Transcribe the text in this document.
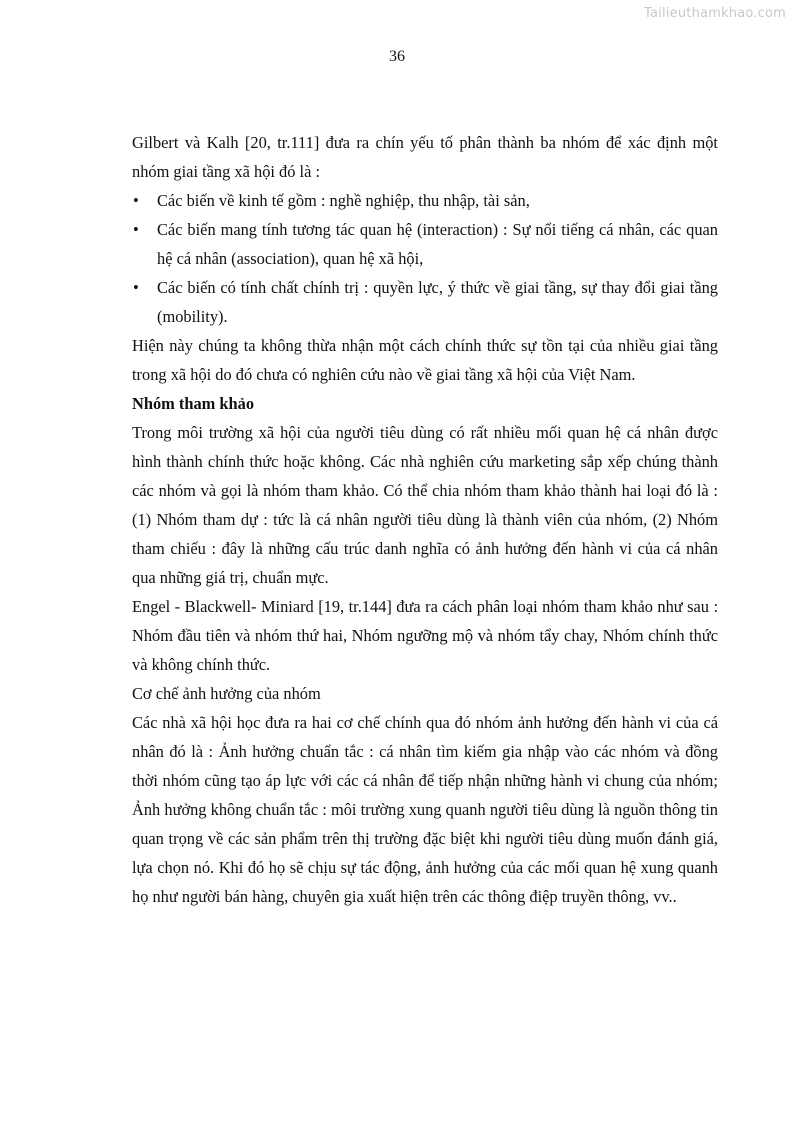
Tailieuthamkhao.com
36

Gilbert và Kalh [20, tr.111] đưa ra chín yếu tố phân thành ba nhóm để xác định một nhóm giai tầng xã hội đó là :

• Các biến về kinh tế gồm : nghề nghiệp, thu nhập, tài sản,
• Các biến mang tính tương tác quan hệ (interaction) : Sự nổi tiếng cá nhân, các quan hệ cá nhân (association), quan hệ xã hội,
• Các biến có tính chất chính trị : quyền lực, ý thức về giai tầng, sự thay đổi giai tầng (mobility).

Hiện này chúng ta không thừa nhận một cách chính thức sự tồn tại của nhiều giai tầng trong xã hội do đó chưa có nghiên cứu nào về giai tầng xã hội của Việt Nam.

Nhóm tham khảo

Trong môi trường xã hội của người tiêu dùng có rất nhiều mối quan hệ cá nhân được hình thành chính thức hoặc không. Các nhà nghiên cứu marketing sắp xếp chúng thành các nhóm và gọi là nhóm tham khảo. Có thể chia nhóm tham khảo thành hai loại đó là : (1) Nhóm tham dự : tức là cá nhân người tiêu dùng là thành viên của nhóm, (2) Nhóm tham chiếu : đây là những cấu trúc danh nghĩa có ảnh hưởng đến hành vi của cá nhân qua những giá trị, chuẩn mực.

Engel - Blackwell- Miniard [19, tr.144] đưa ra cách phân loại nhóm tham khảo như sau : Nhóm đầu tiên và nhóm thứ hai, Nhóm ngưỡng mộ và nhóm tẩy chay, Nhóm chính thức và không chính thức.

Cơ chế ảnh hưởng của nhóm

Các nhà xã hội học đưa ra hai cơ chế chính qua đó nhóm ảnh hưởng đến hành vi của cá nhân đó là : Ảnh hưởng chuẩn tắc : cá nhân tìm kiếm gia nhập vào các nhóm và đồng thời nhóm cũng tạo áp lực với các cá nhân để tiếp nhận những hành vi chung của nhóm; Ảnh hưởng không chuẩn tắc : môi trường xung quanh người tiêu dùng là nguồn thông tin quan trọng về các sản phẩm trên thị trường đặc biệt khi người tiêu dùng muốn đánh giá, lựa chọn nó. Khi đó họ sẽ chịu sự tác động, ảnh hưởng của các mối quan hệ xung quanh họ như người bán hàng, chuyên gia xuất hiện trên các thông điệp truyền thông, vv..
